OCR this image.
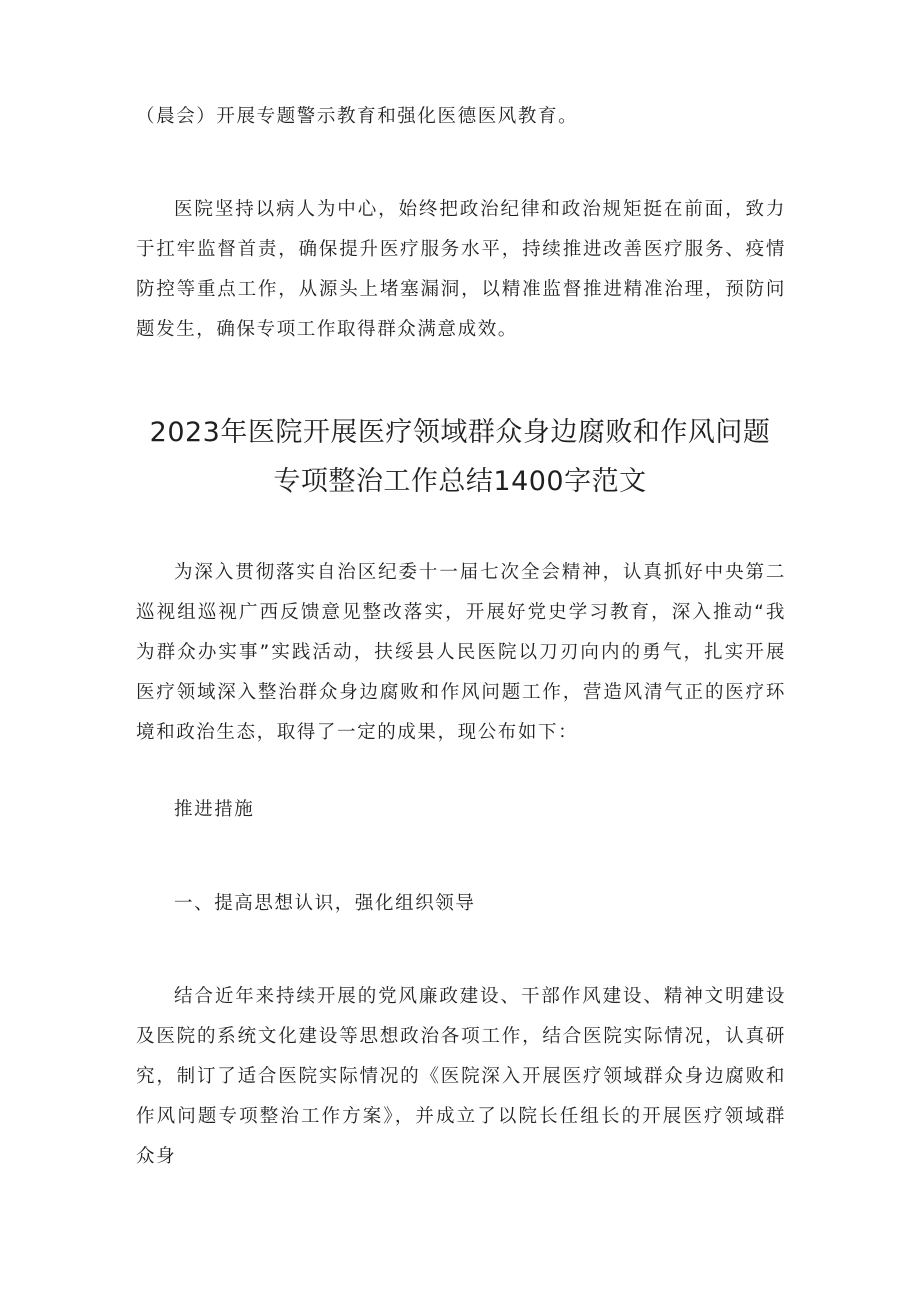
（晨会）开展专题警示教育和强化医德医风教育。

医院坚持以病人为中心，始终把政治纪律和政治规矩挺在前面，致力于扛牢监督首责，确保提升医疗服务水平，持续推进改善医疗服务、疫情防控等重点工作，从源头上堵塞漏洞，以精准监督推进精准治理，预防问题发生，确保专项工作取得群众满意成效。

2023年医院开展医疗领域群众身边腐败和作风问题
专项整治工作总结1400字范文

为深入贯彻落实自治区纪委十一届七次全会精神，认真抓好中央第二巡视组巡视广西反馈意见整改落实，开展好党史学习教育，深入推动“我为群众办实事”实践活动，扶绥县人民医院以刀刃向内的勇气，扎实开展医疗领域深入整治群众身边腐败和作风问题工作，营造风清气正的医疗环境和政治生态，取得了一定的成果，现公布如下：

推进措施

一、提高思想认识，强化组织领导

结合近年来持续开展的党风廉政建设、干部作风建设、精神文明建设及医院的系统文化建设等思想政治各项工作，结合医院实际情况，认真研究，制订了适合医院实际情况的《医院深入开展医疗领域群众身边腐败和作风问题专项整治工作方案》，并成立了以院长任组长的开展医疗领域群众身
